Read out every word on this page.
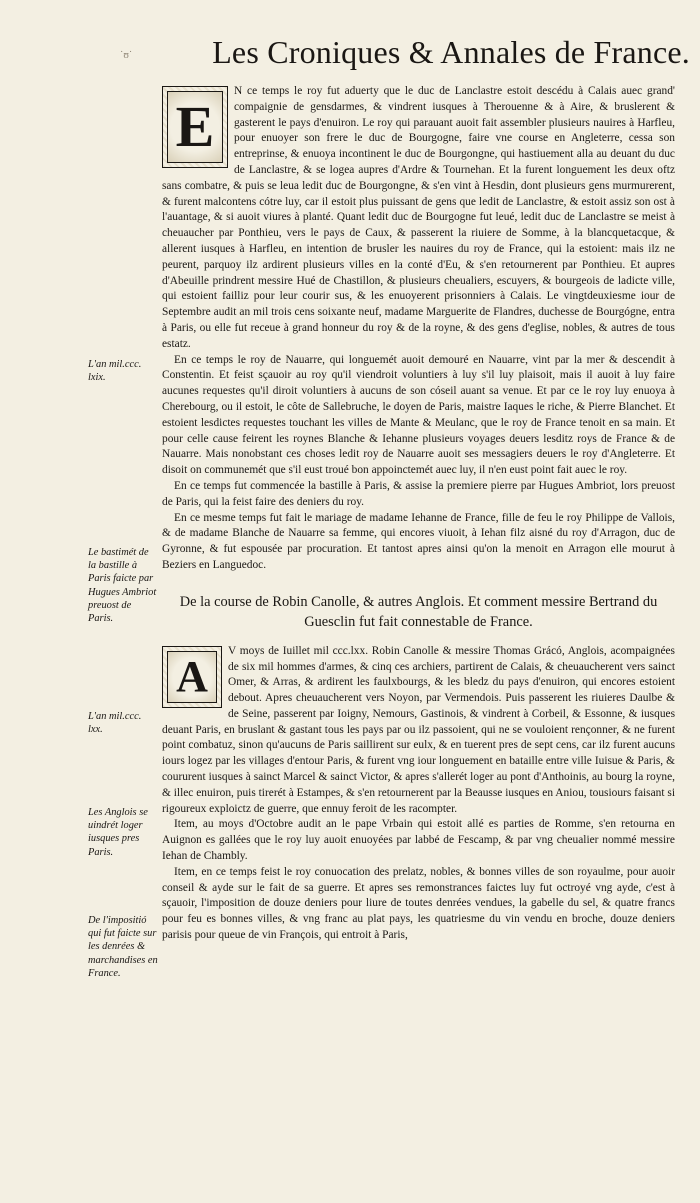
˙ʊ˙	Les Croniques & Annales de France.
L'an mil.ccc. lxix.
Le bastimét de la bastille à Paris faicte par Hugues Ambriot preuost de Paris.
L'an mil.ccc. lxx.
Les Anglois se uindrét loger iusques pres Paris.
De l'impositió qui fut faicte sur les denrées & marchandises en France.
E

N ce temps le roy fut aduerty que le duc de Lanclastre estoit descédu à Calais auec grand' compaignie de gensdarmes, & vindrent iusques à Therouenne & à Aire, & bruslerent & gasterent le pays d'enuiron. Le roy qui parauant auoit fait assembler plusieurs nauires à Harfleu, pour enuoyer son frere le duc de Bourgogne, faire vne course en Angleterre, cessa son entreprinse, & enuoya incontinent le duc de Bourgongne, qui hastiuement alla au deuant du duc de Lanclastre, & se logea aupres d'Ardre & Tournehan. Et la furent longuement les deux oftz sans combatre, & puis se leua ledit duc de Bourgongne, & s'en vint à Hesdin, dont plusieurs gens murmurerent, & furent malcontens cótre luy, car il estoit plus puissant de gens que ledit de Lanclastre, & estoit assiz son ost à l'auantage, & si auoit viures à planté. Quant ledit duc de Bourgogne fut leué, ledit duc de Lanclastre se meist à cheuaucher par Ponthieu, vers le pays de Caux, & passerent la riuiere de Somme, à la blancquetacque, & allerent iusques à Harfleu, en intention de brusler les nauires du roy de France, qui la estoient: mais ilz ne peurent, parquoy ilz ardirent plusieurs villes en la conté d'Eu, & s'en retournerent par Ponthieu. Et aupres d'Abeuille prindrent messire Hué de Chastillon, & plusieurs cheualiers, escuyers, & bourgeois de ladicte ville, qui estoient failliz pour leur courir sus, & les enuoyerent prisonniers à Calais. Le vingtdeuxiesme iour de Septembre audit an mil trois cens soixante neuf, madame Marguerite de Flandres, duchesse de Bourgógne, entra à Paris, ou elle fut receue à grand honneur du roy & de la royne, & des gens d'eglise, nobles, & autres de tous estatz.

En ce temps le roy de Nauarre, qui longuemét auoit demouré en Nauarre, vint par la mer & descendit à Constentin. Et feist sçauoir au roy qu'il viendroit voluntiers à luy s'il luy plaisoit, mais il auoit à luy faire aucunes requestes qu'il diroit voluntiers à aucuns de son cóseil auant sa venue. Et par ce le roy luy enuoya à Cherebourg, ou il estoit, le côte de Sallebruche, le doyen de Paris, maistre Iaques le riche, & Pierre Blanchet. Et estoient lesdictes requestes touchant les villes de Mante & Meulanc, que le roy de France tenoit en sa main. Et pour celle cause feirent les roynes Blanche & Iehanne plusieurs voyages deuers lesditz roys de France & de Nauarre. Mais nonobstant ces choses ledit roy de Nauarre auoit ses messagiers deuers le roy d'Angleterre. Et disoit on communemét que s'il eust troué bon appoinctemét auec luy, il n'en eust point fait auec le roy.

En ce temps fut commencée la bastille à Paris, & assise la premiere pierre par Hugues Ambriot, lors preuost de Paris, qui la feist faire des deniers du roy.

En ce mesme temps fut fait le mariage de madame Iehanne de France, fille de feu le roy Philippe de Vallois, & de madame Blanche de Nauarre sa femme, qui encores viuoit, à Iehan filz aisné du roy d'Arragon, duc de Gyronne, & fut espousée par procuration. Et tantost apres ainsi qu'on la menoit en Arragon elle mourut à Beziers en Languedoc.

De la course de Robin Canolle, & autres Anglois. Et comment messire Bertrand du Guesclin fut fait connestable de France.
A

V moys de Iuillet mil ccc.lxx. Robin Canolle & messire Thomas Grácó, Anglois, acompaignées de six mil hommes d'armes, & cinq ces archiers, partirent de Calais, & cheuaucherent vers sainct Omer, & Arras, & ardirent les faulxbourgs, & les bledz du pays d'enuiron, qui encores estoient debout. Apres cheuaucherent vers Noyon, par Vermendois. Puis passerent les riuieres Daulbe & de Seine, passerent par Ioigny, Nemours, Gastinois, & vindrent à Corbeil, & Essonne, & iusques deuant Paris, en bruslant & gastant tous les pays par ou ilz passoient, qui ne se vouloient rençonner, & ne furent point combatuz, sinon qu'aucuns de Paris saillirent sur eulx, & en tuerent pres de sept cens, car ilz furent aucuns iours logez par les villages d'entour Paris, & furent vng iour longuement en bataille entre ville Iuisue & Paris, & coururent iusques à sainct Marcel & sainct Victor, & apres s'allerét loger au pont d'Anthoinis, au bourg la royne, & illec enuiron, puis tirerét à Estampes, & s'en retournerent par la Beausse iusques en Aniou, tousiours faisant si rigoureux exploictz de guerre, que ennuy feroit de les racompter.

Item, au moys d'Octobre audit an le pape Vrbain qui estoit allé es parties de Romme, s'en retourna en Auignon es gallées que le roy luy auoit enuoyées par labbé de Fescamp, & par vng cheualier nommé messire Iehan de Chambly.

Item, en ce temps feist le roy conuocation des prelatz, nobles, & bonnes villes de son royaulme, pour auoir conseil & ayde sur le fait de sa guerre. Et apres ses remonstrances faictes luy fut octroyé vng ayde, c'est à sçauoir, l'imposition de douze deniers pour liure de toutes denrées vendues, la gabelle du sel, & quatre francs pour feu es bonnes villes, & vng franc au plat pays, les quatriesme du vin vendu en broche, douze deniers parisis pour queue de vin François, qui entroit à Paris,
